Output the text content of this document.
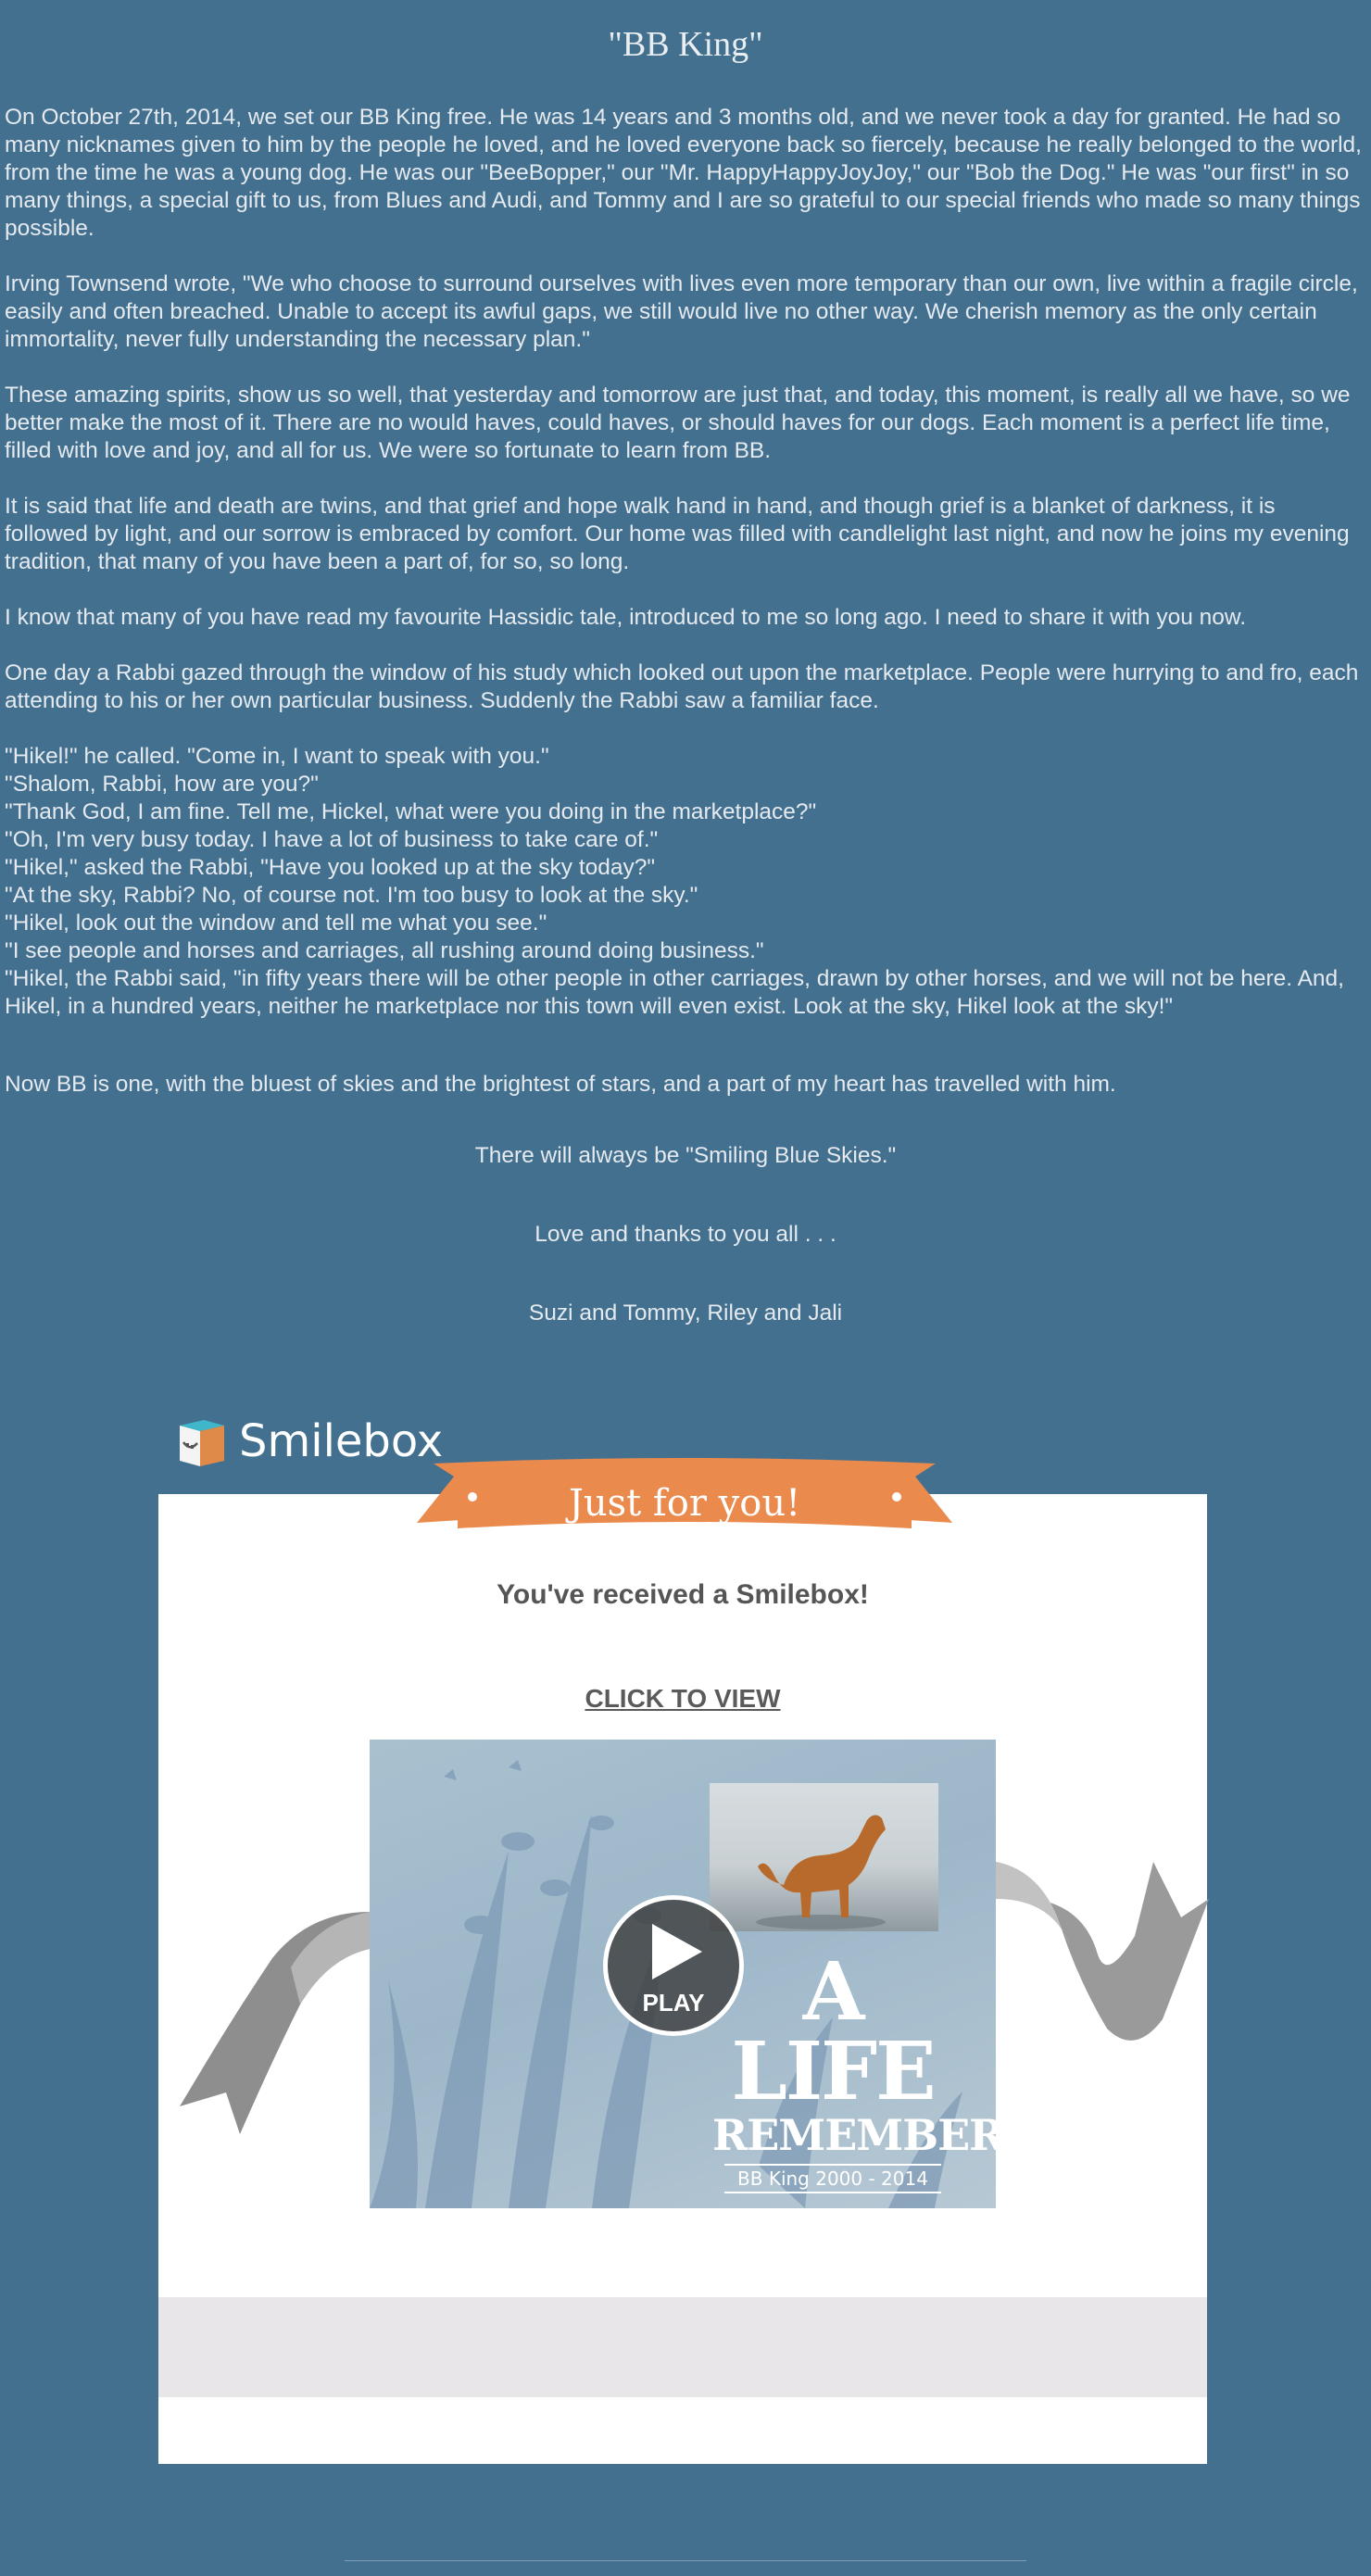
"BB King"

On October 27th, 2014, we set our BB King free. He was 14 years and 3 months old, and we never took a day for granted. He had so many nicknames given to him by the people he loved, and he loved everyone back so fiercely, because he really belonged to the world, from the time he was a young dog. He was our "BeeBopper," our "Mr. HappyHappyJoyJoy," our "Bob the Dog." He was "our first" in so many things, a special gift to us, from Blues and Audi, and Tommy and I are so grateful to our special friends who made so many things possible.

Irving Townsend wrote, "We who choose to surround ourselves with lives even more temporary than our own, live within a fragile circle, easily and often breached. Unable to accept its awful gaps, we still would live no other way. We cherish memory as the only certain immortality, never fully understanding the necessary plan."

These amazing spirits, show us so well, that yesterday and tomorrow are just that, and today, this moment, is really all we have, so we better make the most of it. There are no would haves, could haves, or should haves for our dogs. Each moment is a perfect life time, filled with love and joy, and all for us. We were so fortunate to learn from BB.

It is said that life and death are twins, and that grief and hope walk hand in hand, and though grief is a blanket of darkness, it is followed by light, and our sorrow is embraced by comfort. Our home was filled with candlelight last night, and now he joins my evening tradition, that many of you have been a part of, for so, so long.

I know that many of you have read my favourite Hassidic tale, introduced to me so long ago. I need to share it with you now.

One day a Rabbi gazed through the window of his study which looked out upon the marketplace. People were hurrying to and fro, each attending to his or her own particular business. Suddenly the Rabbi saw a familiar face.

"Hikel!" he called. "Come in, I want to speak with you."
"Shalom, Rabbi, how are you?"
"Thank God, I am fine. Tell me, Hickel, what were you doing in the marketplace?"
"Oh, I'm very busy today. I have a lot of business to take care of."
"Hikel," asked the Rabbi, "Have you looked up at the sky today?"
"At the sky, Rabbi? No, of course not. I'm too busy to look at the sky."
"Hikel, look out the window and tell me what you see."
"I see people and horses and carriages, all rushing around doing business."
"Hikel, the Rabbi said, "in fifty years there will be other people in other carriages, drawn by other horses, and we will not be here. And, Hikel, in a hundred years, neither he marketplace nor this town will even exist. Look at the sky, Hikel look at the sky!"

Now BB is one, with the bluest of skies and the brightest of stars, and a part of my heart has travelled with him.

There will always be "Smiling Blue Skies."
Love and thanks to you all . . .
Suzi and Tommy, Riley and Jali
Smilebox
Just for you!
You've received a Smilebox!
CLICK TO VIEW
A LIFE
REMEMBERED
BB King 2000 - 2014
PLAY
